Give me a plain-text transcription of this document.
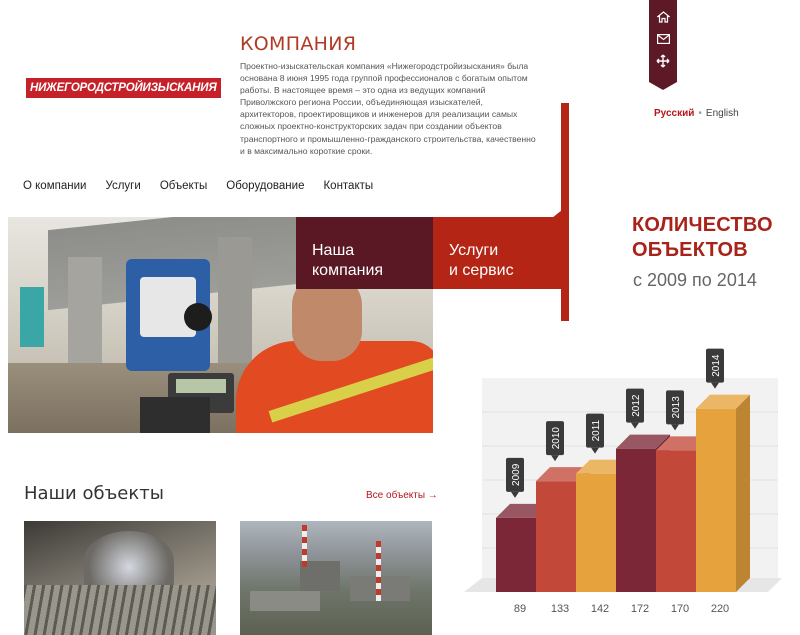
НИЖЕГОРОДСТРОЙИЗЫСКАНИЯ
КОМПАНИЯ
Проектно-изыскательская компания «Нижегородстройизыскания» была основана 8 июня 1995 года группой профессионалов с богатым опытом работы. В настоящее время – это одна из ведущих компаний Приволжского региона России, объединяющая изыскателей, архитекторов, проектировщиков и инженеров для реализации самых сложных проектно-конструкторских задач при создании объектов транспортного и промышленно-гражданского строительства, качественно и в максимально короткие сроки.
Русский • English
О компании Услуги Объекты Оборудование Контакты
Наша
компания
Услуги
и сервис
КОЛИЧЕСТВО
ОБЪЕКТОВ
с 2009 по 2014
2009
2010	2011
2012	2013
2014
89 133 142 172 170 220
Наши объекты	Все объекты →
